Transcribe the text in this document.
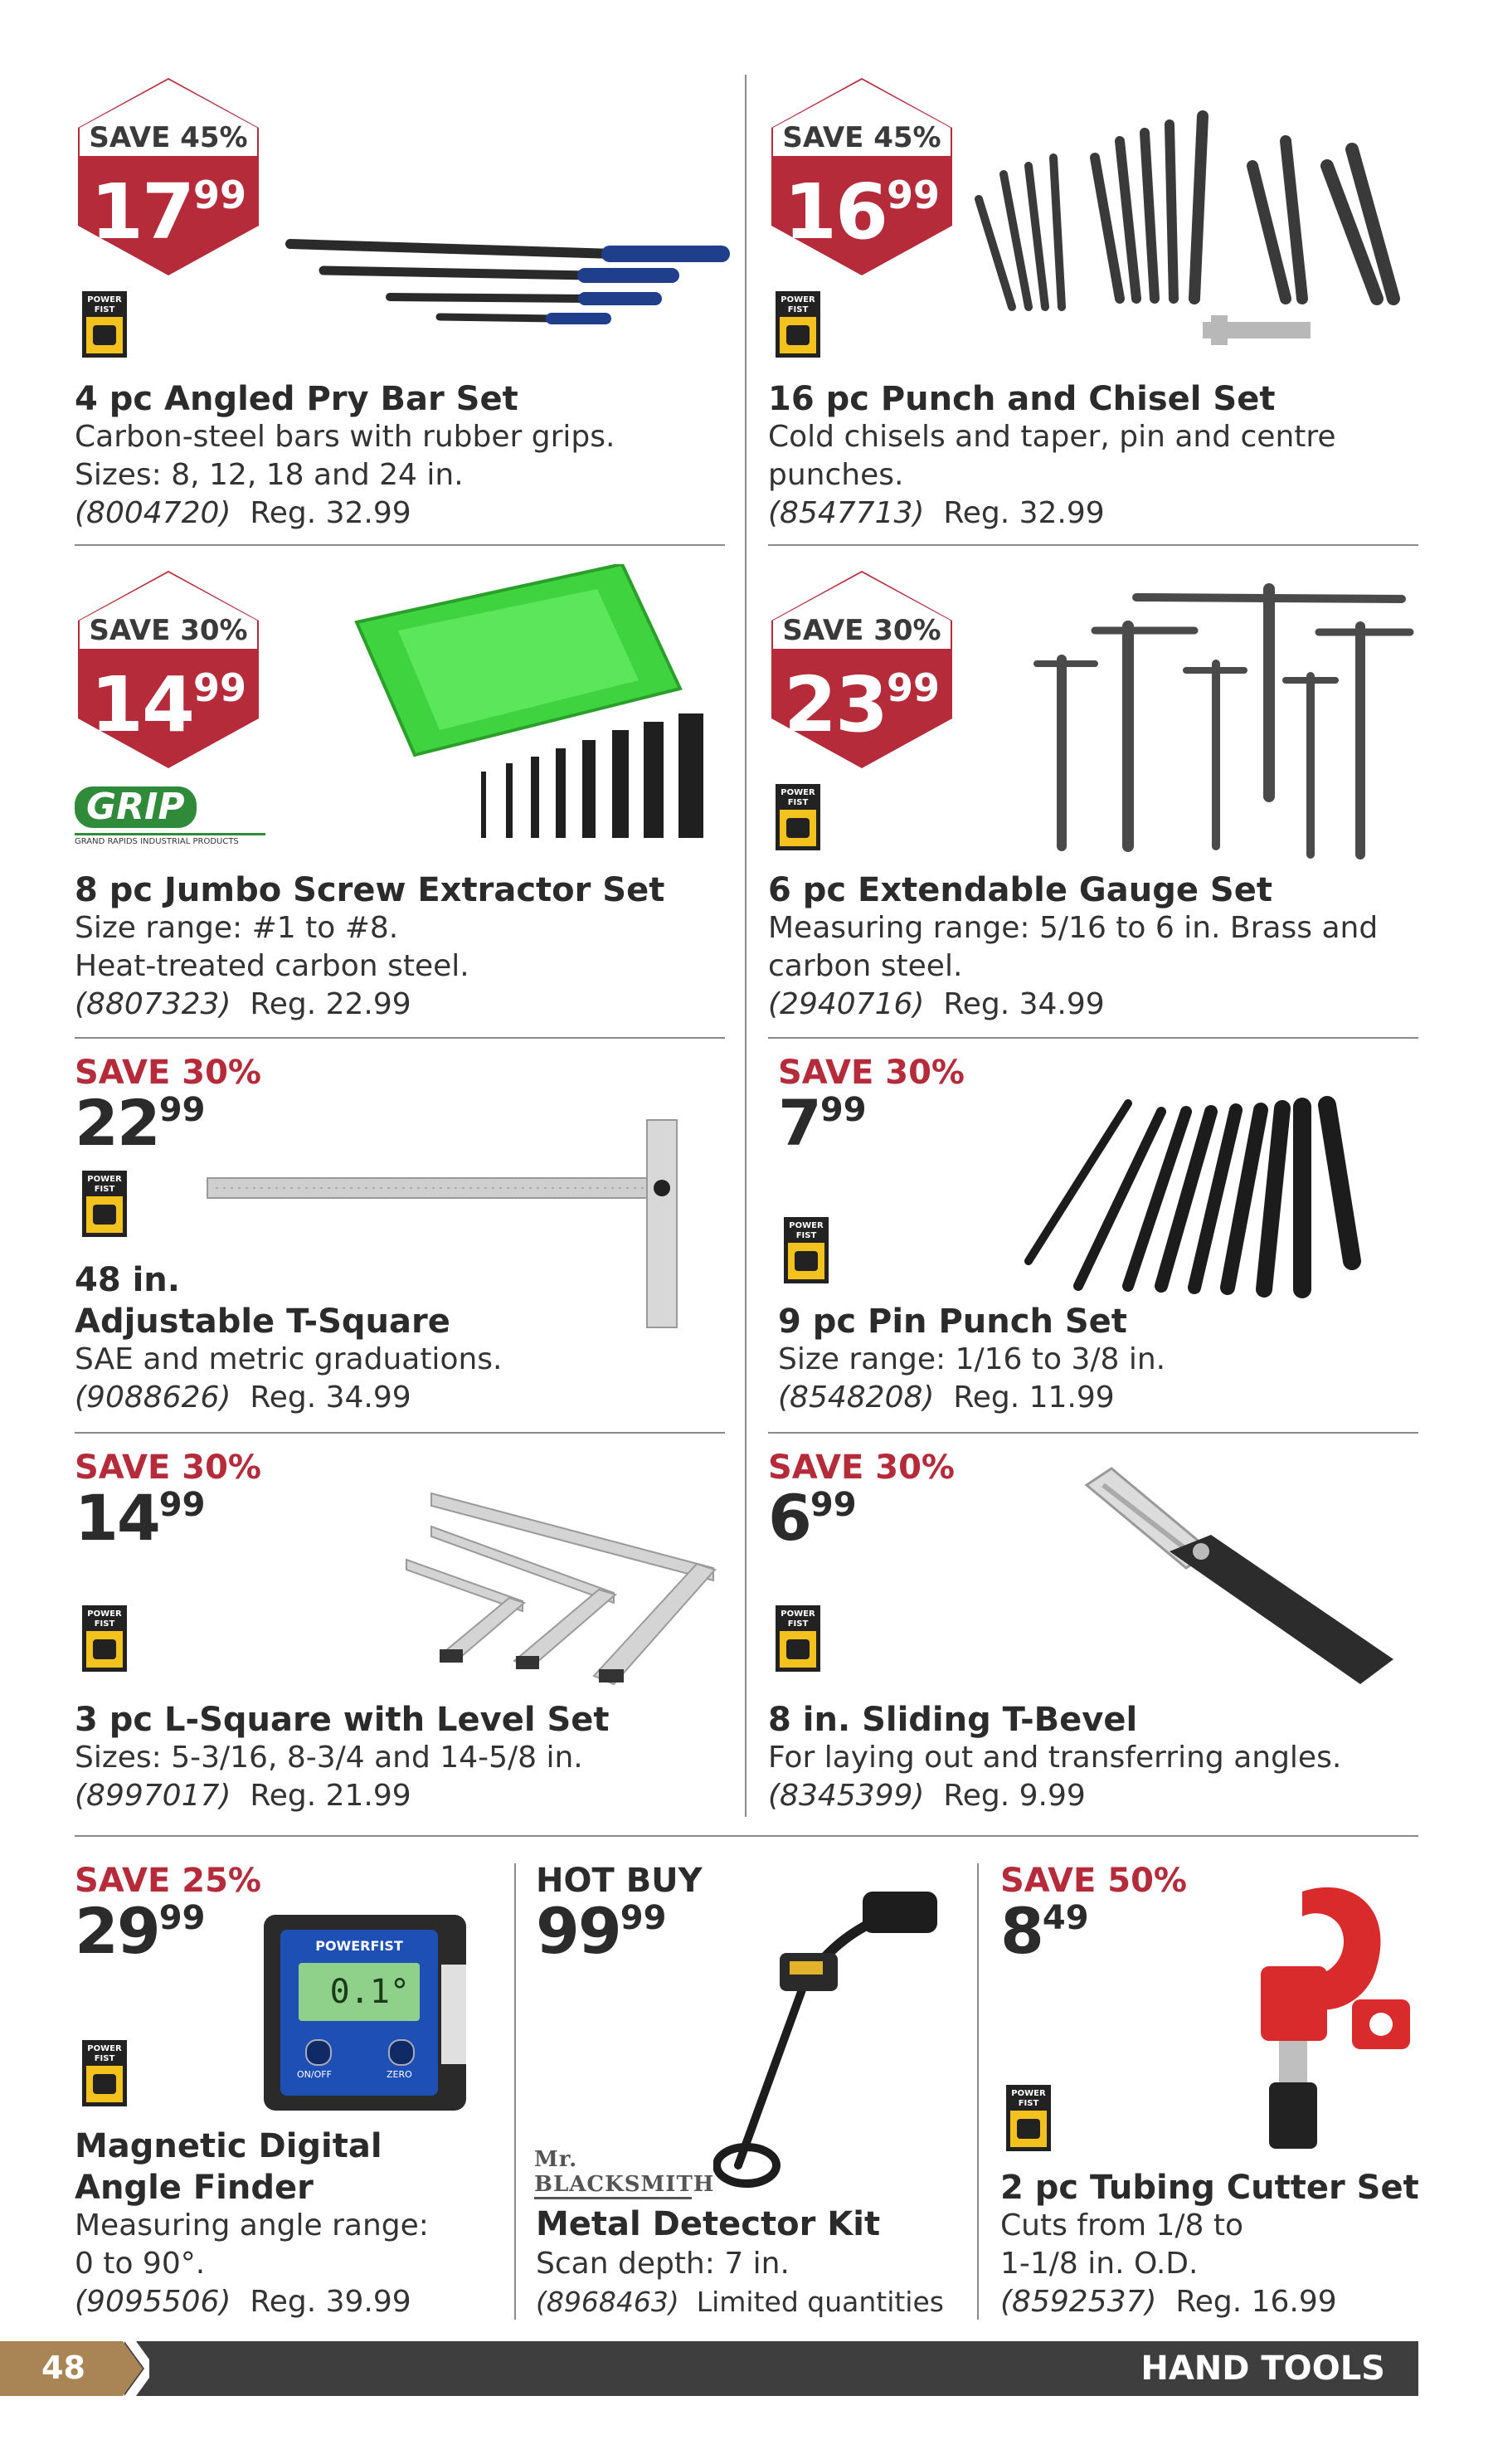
SAVE 45%
1799
POWER
FIST
4 pc Angled Pry Bar Set
Carbon-steel bars with rubber grips.
Sizes: 8, 12, 18 and 24 in.
(8004720) Reg. 32.99
SAVE 45%
1699
POWER
FIST
16 pc Punch and Chisel Set
Cold chisels and taper, pin and centre
punches.
(8547713) Reg. 32.99
SAVE 30%
1499
GRIP
GRAND RAPIDS INDUSTRIAL PRODUCTS
8 pc Jumbo Screw Extractor Set
Size range: #1 to #8.
Heat-treated carbon steel.
(8807323) Reg. 22.99
SAVE 30%
2399
POWER
FIST
6 pc Extendable Gauge Set
Measuring range: 5/16 to 6 in. Brass and
carbon steel.
(2940716) Reg. 34.99
SAVE 30%
2299
POWER
FIST
48 in.
Adjustable T-Square
SAE and metric graduations.
(9088626) Reg. 34.99
SAVE 30%
799
POWER
FIST
9 pc Pin Punch Set
Size range: 1/16 to 3/8 in.
(8548208) Reg. 11.99
SAVE 30%
1499
POWER
FIST
3 pc L-Square with Level Set
Sizes: 5-3/16, 8-3/4 and 14-5/8 in.
(8997017) Reg. 21.99
SAVE 30%
699
POWER
FIST
8 in. Sliding T-Bevel
For laying out and transferring angles.
(8345399) Reg. 9.99
SAVE 25%
2999
POWERFIST
0.1°
ON/OFF	ZERO
POWER
FIST
Magnetic Digital
Angle Finder
Measuring angle range:
0 to 90°.
(9095506) Reg. 39.99
HOT BUY
9999
Mr. BLACKSMITH
Metal Detector Kit
Scan depth: 7 in.
(8968463) Limited quantities
SAVE 50%
849
POWER
FIST
2 pc Tubing Cutter Set
Cuts from 1/8 to
1-1/8 in. O.D.
(8592537) Reg. 16.99
48	HAND TOOLS
